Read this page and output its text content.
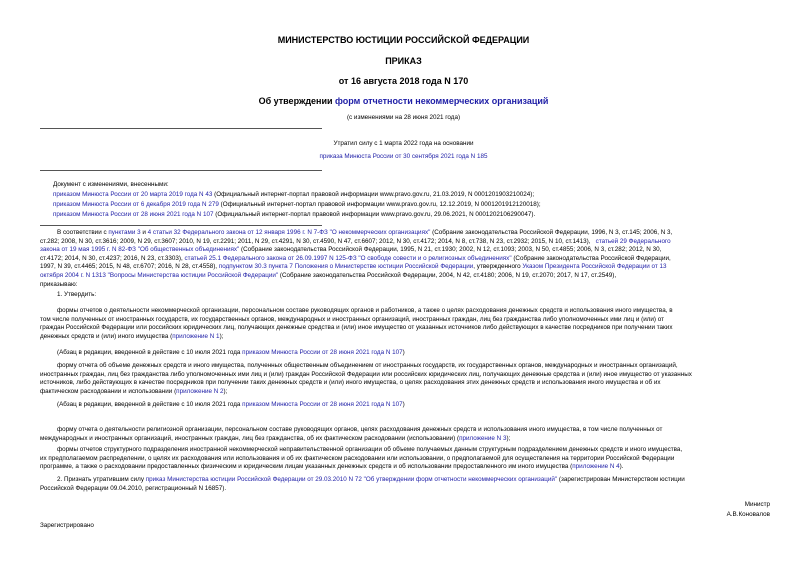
МИНИСТЕРСТВО ЮСТИЦИИ РОССИЙСКОЙ ФЕДЕРАЦИИ
ПРИКАЗ
от 16 августа 2018 года N 170
Об утверждении форм отчетности некоммерческих организаций
(с изменениями на 28 июня 2021 года)
Утратил силу с 1 марта 2022 года на основании
приказа Минюста России от 30 сентября 2021 года N 185
Документ с изменениями, внесенными:
приказом Минюста России от 20 марта 2019 года N 43 (Официальный интернет-портал правовой информации www.pravo.gov.ru, 21.03.2019, N 0001201903210024);
приказом Минюста России от 6 декабря 2019 года N 279 (Официальный интернет-портал правовой информации www.pravo.gov.ru, 12.12.2019, N 0001201912120018);
приказом Минюста России от 28 июня 2021 года N 107 (Официальный интернет-портал правовой информации www.pravo.gov.ru, 29.06.2021, N 0001202106290047).
В соответствии с пунктами 3 и 4 статьи 32 Федерального закона от 12 января 1996 г. N 7-ФЗ "О некоммерческих организациях" (Собрание законодательства Российской Федерации, 1996, N 3, ст.145; 2006, N 3,
ст.282; 2008, N 30, ст.3616; 2009, N 29, ст.3607; 2010, N 19, ст.2291; 2011, N 29, ст.4291, N 30, ст.4590, N 47, ст.6607; 2012, N 30, ст.4172; 2014, N 8, ст.738, N 23, ст.2932; 2015, N 10, ст.1413), статьей 29 Федерального
закона от 19 мая 1995 г. N 82-ФЗ "Об общественных объединениях" (Собрание законодательства Российской Федерации, 1995, N 21, ст.1930; 2002, N 12, ст.1093; 2003, N 50, ст.4855; 2006, N 3, ст.282; 2012, N 30,
ст.4172; 2014, N 30, ст.4237; 2016, N 23, ст.3303), статьей 25.1 Федерального закона от 26.09.1997 N 125-ФЗ "О свободе совести и о религиозных объединениях" (Собрание законодательства Российской Федерации,
1997, N 39, ст.4465; 2015, N 48, ст.6707; 2016, N 28, ст.4558), подпунктом 30.3 пункта 7 Положения о Министерстве юстиции Российской Федерации, утвержденного Указом Президента Российской Федерации от 13
октября 2004 г. N 1313 "Вопросы Министерства юстиции Российской Федерации" (Собрание законодательства Российской Федерации, 2004, N 42, ст.4180; 2006, N 19, ст.2070; 2017, N 17, ст.2549),
приказываю:
1. Утвердить:
формы отчетов о деятельности некоммерческой организации, персональном составе руководящих органов и работников, а также о целях расходования денежных средств и использования иного имущества, в
том числе полученных от иностранных государств, их государственных органов, международных и иностранных организаций, иностранных граждан, лиц без гражданства либо уполномоченных ими лиц и (или) от
граждан Российской Федерации или российских юридических лиц, получающих денежные средства и (или) иное имущество от указанных источников либо действующих в качестве посредников при получении таких
денежных средств и (или) иного имущества (приложение N 1);
(Абзац в редакции, введенной в действие с 10 июля 2021 года приказом Минюста России от 28 июня 2021 года N 107)
форму отчета об объеме денежных средств и иного имущества, полученных общественным объединением от иностранных государств, их государственных органов, международных и иностранных организаций,
иностранных граждан, лиц без гражданства либо уполномоченных ими лиц и (или) граждан Российской Федерации или российских юридических лиц, получающих денежные средства и (или) иное имущество от указанных
источников, либо действующих в качестве посредников при получении таких денежных средств и (или) иного имущества, о целях расходования этих денежных средств и использования иного имущества и об их
фактическом расходовании и использовании (приложение N 2);
(Абзац в редакции, введенной в действие с 10 июля 2021 года приказом Минюста России от 28 июня 2021 года N 107)
форму отчета о деятельности религиозной организации, персональном составе руководящих органов, целях расходования денежных средств и использования иного имущества, в том числе полученных от
международных и иностранных организаций, иностранных граждан, лиц без гражданства, об их фактическом расходовании (использовании) (приложение N 3);
формы отчетов структурного подразделения иностранной некоммерческой неправительственной организации об объеме получаемых данным структурным подразделением денежных средств и иного имущества,
их предполагаемом распределении, о целях их расходования или использования и об их фактическом расходовании или использовании, о предполагаемой для осуществления на территории Российской Федерации
программе, а также о расходовании предоставленных физическим и юридическим лицам указанных денежных средств и об использовании предоставленного им иного имущества (приложение N 4).
2. Признать утратившим силу приказ Министерства юстиции Российской Федерации от 29.03.2010 N 72 "Об утверждении форм отчетности некоммерческих организаций" (зарегистрирован Министерством юстиции
Российской Федерации 09.04.2010, регистрационный N 16857).
Министр
А.В.Коновалов
Зарегистрировано
